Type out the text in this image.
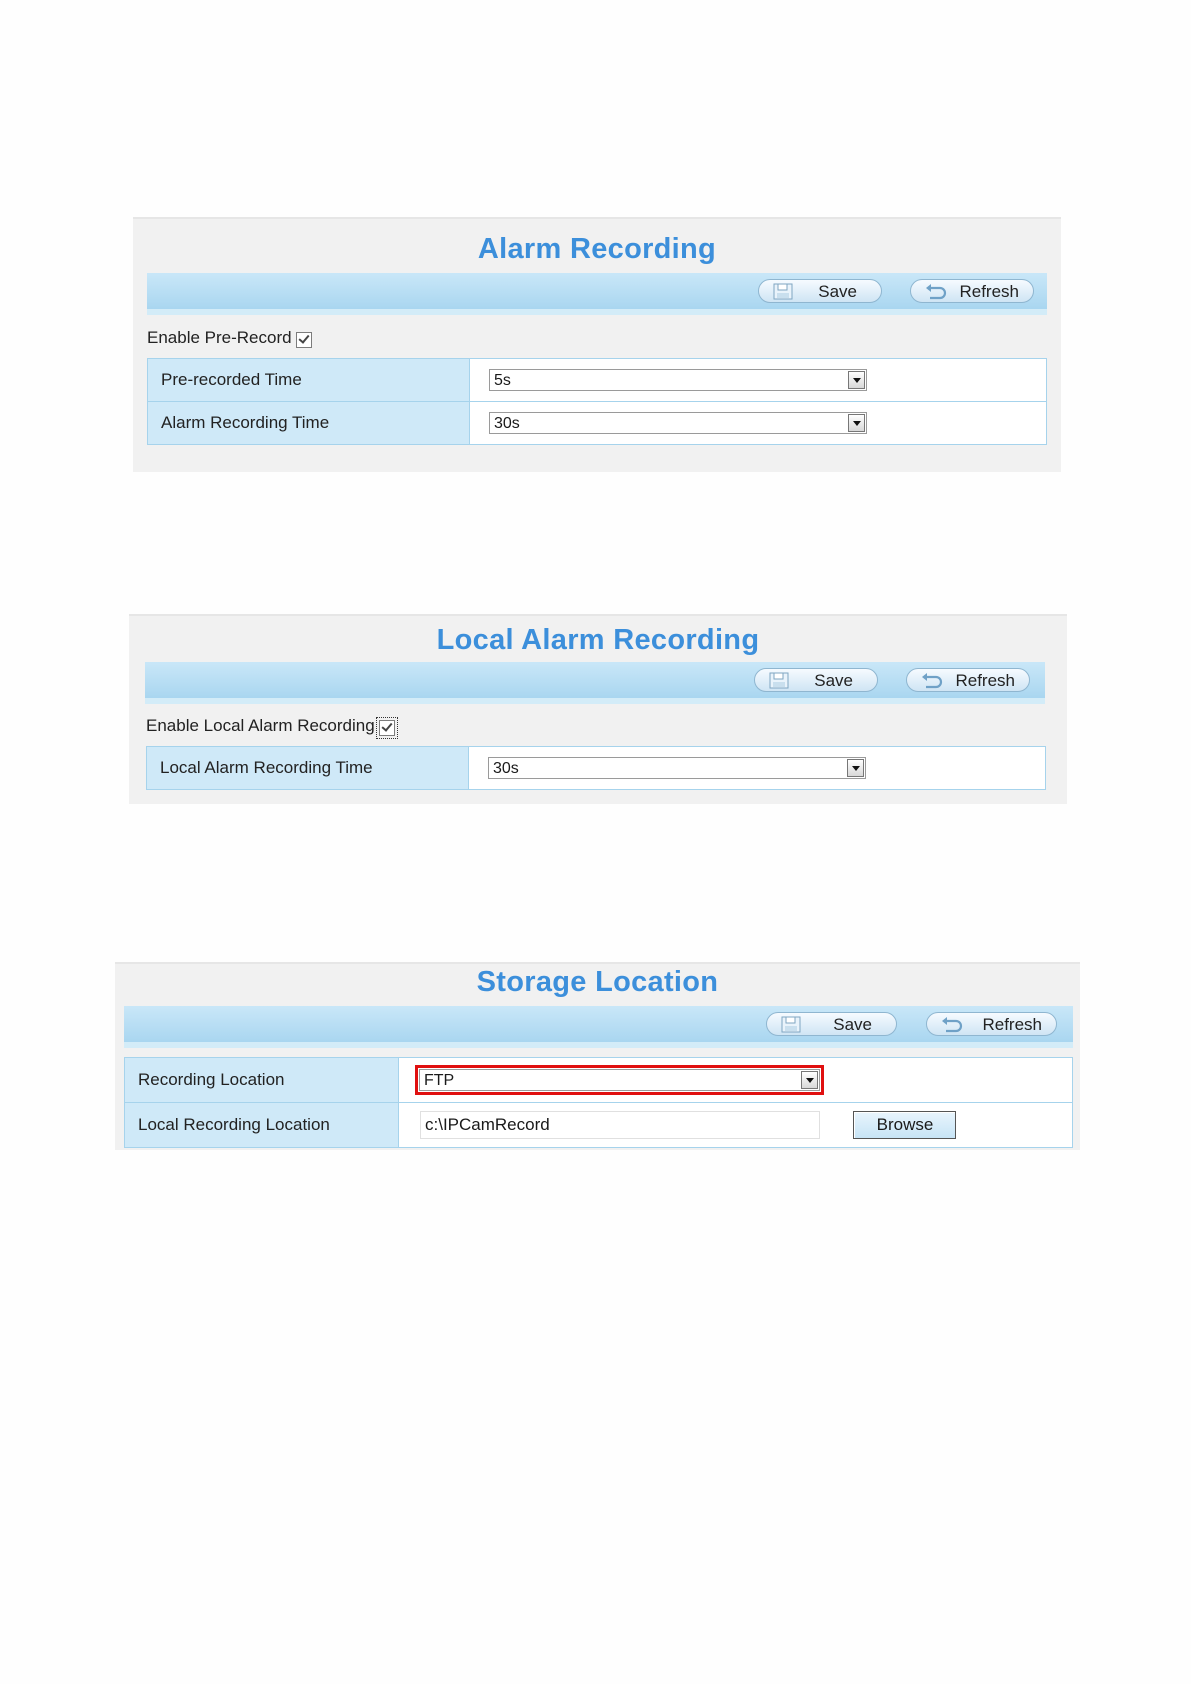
Alarm Recording
Save	Refresh
Enable Pre-Record
Pre-recorded Time	5s

Alarm Recording Time	30s
Local Alarm Recording
Save	Refresh
Enable Local Alarm Recording
Local Alarm Recording Time	30s
Storage Location
Save	Refresh
Recording Location	FTP

Local Recording Location	c:\IPCamRecord Browse
